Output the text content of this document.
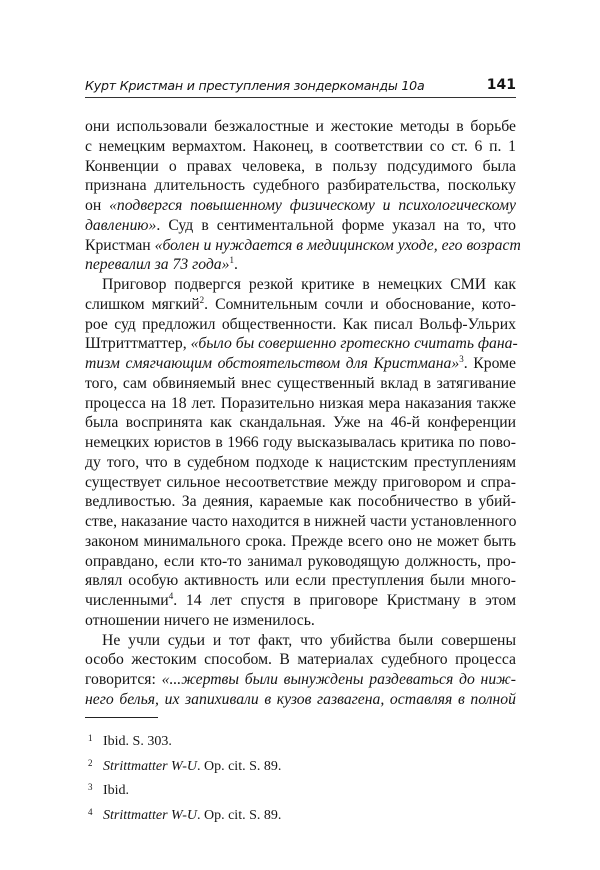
Курт Кристман и преступления зондеркоманды 10а	141
они использовали безжалостные и жестокие методы в борьбе
с немецким вермахтом. Наконец, в соответствии со ст. 6 п. 1
Конвенции о правах человека, в пользу подсудимого была
признана длительность судебного разбирательства, поскольку
он «подвергся повышенному физическому и психологическому
давлению». Суд в сентиментальной форме указал на то, что
Кристман «болен и нуждается в медицинском уходе, его возраст
перевалил за 73 года»$^1$.
Приговор подвергся резкой критике в немецких СМИ как
слишком мягкий$^2$. Сомнительным сочли и обоснование, кото-
рое суд предложил общественности. Как писал Вольф-Ульрих
Штриттматтер, «было бы совершенно гротескно считать фана-
тизм смягчающим обстоятельством для Кристмана»$^3$. Кроме
того, сам обвиняемый внес существенный вклад в затягивание
процесса на 18 лет. Поразительно низкая мера наказания также
была воспринята как скандальная. Уже на 46-й конференции
немецких юристов в 1966 году высказывалась критика по пово-
ду того, что в судебном подходе к нацистским преступлениям
существует сильное несоответствие между приговором и спра-
ведливостью. За деяния, караемые как пособничество в убий-
стве, наказание часто находится в нижней части установленного
законом минимального срока. Прежде всего оно не может быть
оправдано, если кто-то занимал руководящую должность, про-
являл особую активность или если преступления были много-
численными$^4$. 14 лет спустя в приговоре Кристману в этом
отношении ничего не изменилось.
Не учли судьи и тот факт, что убийства были совершены
особо жестоким способом. В материалах судебного процесса
говорится: «...жертвы были вынуждены раздеваться до ниж-
него белья, их запихивали в кузов газвагена, оставляя в полной
1 Ibid. S. 303.
2 Strittmatter W-U. Op. cit. S. 89.
3 Ibid.
4 Strittmatter W-U. Op. cit. S. 89.
